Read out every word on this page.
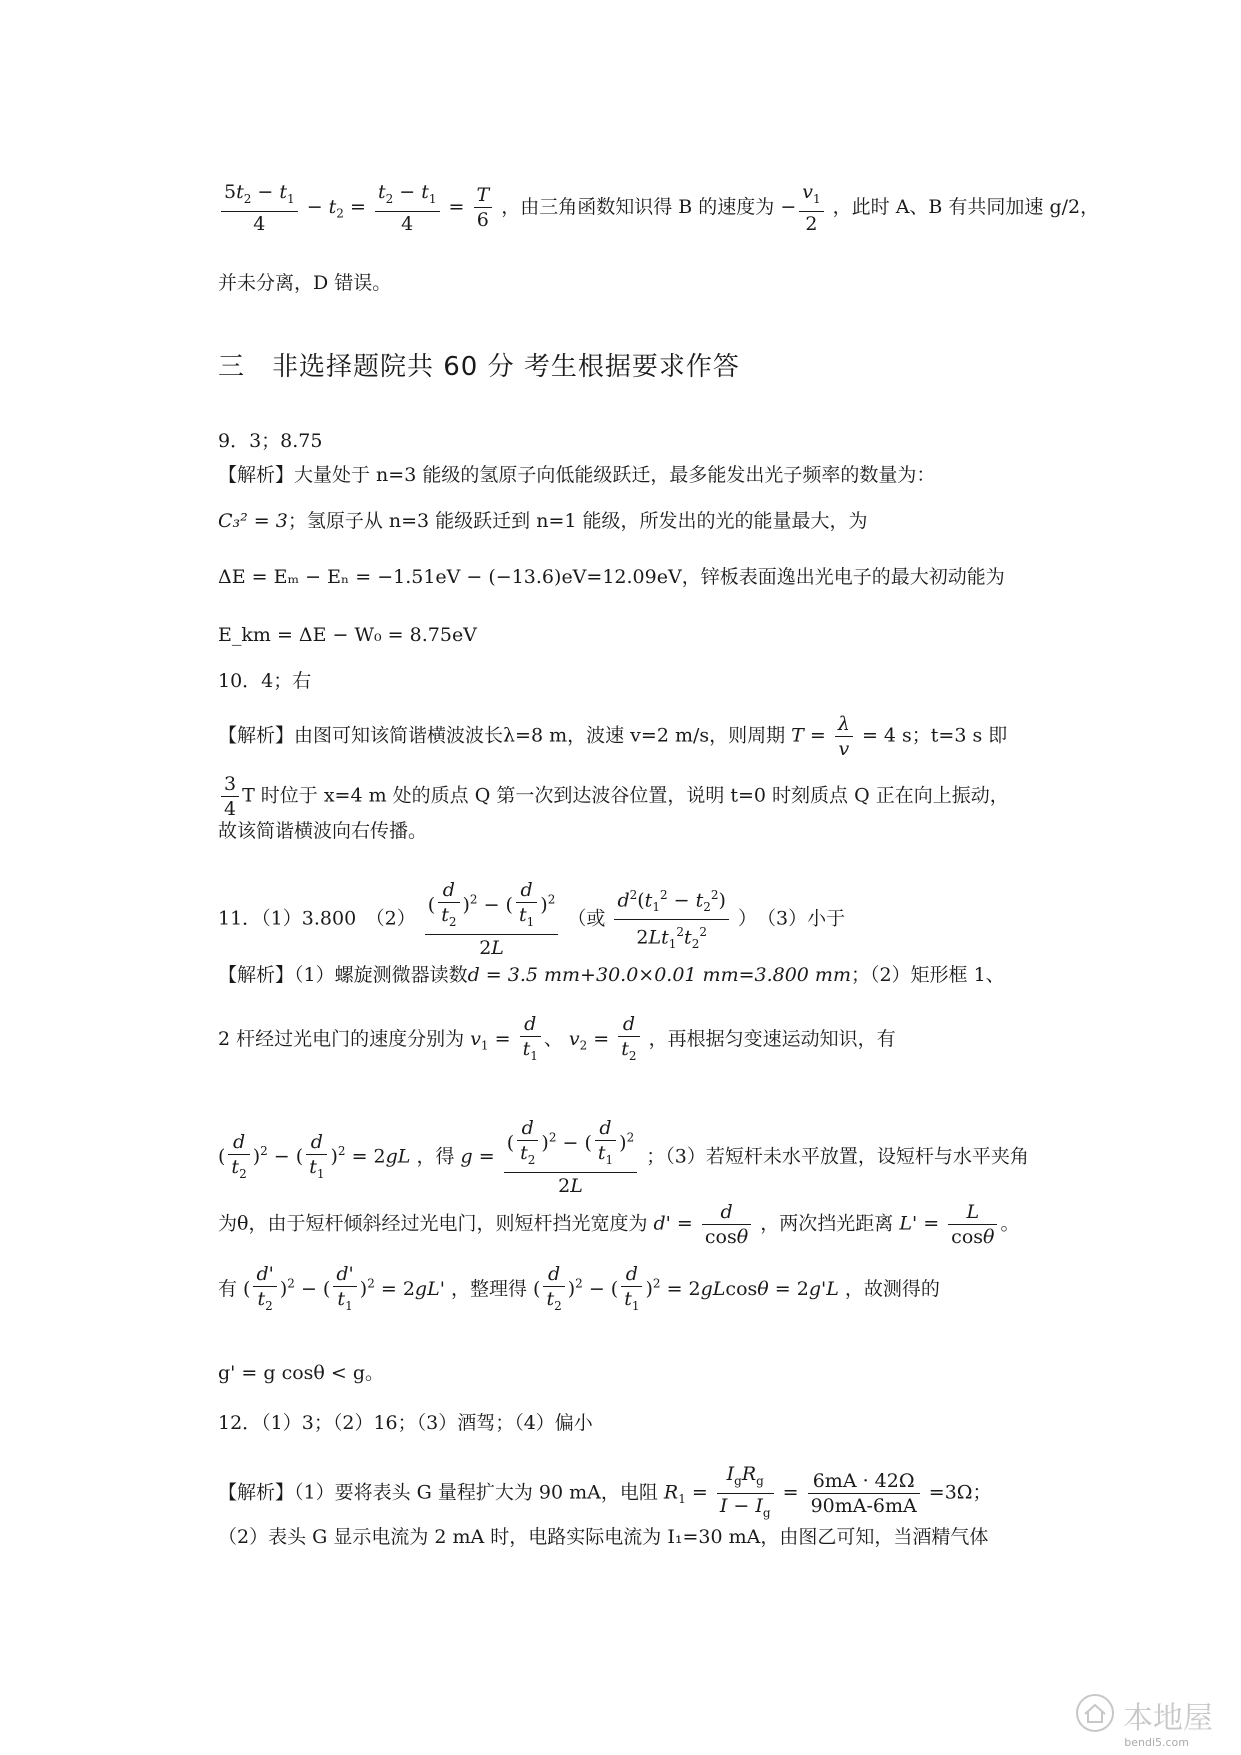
$\frac{5t_2 - t_1}{4} - t_2 = \frac{t_2 - t_1}{4} = \frac{T}{6}$ ，由三角函数知识得 B 的速度为 − $\frac{v_1}{2}$ ，此时 A、B 有共同加速 g/2，
并未分离，D 错误。
三　非选择题院共 60 分 考生根据要求作答
9．3；8.75
【解析】大量处于 n=3 能级的氢原子向低能级跃迁，最多能发出光子频率的数量为：
C₃² = 3；氢原子从 n=3 能级跃迁到 n=1 能级，所发出的光的能量最大，为
ΔE = Eₘ − Eₙ = −1.51eV − (−13.6)eV=12.09eV，锌板表面逸出光电子的最大初动能为
E_km = ΔE − W₀ = 8.75eV
10．4；右
【解析】由图可知该简谐横波波长λ=8 m，波速 v=2 m/s，则周期 $T = \frac{\lambda}{v} = 4$ s；t=3 s 即
$\frac{3}{4}$ T 时位于 x=4 m 处的质点 Q 第一次到达波谷位置，说明 t=0 时刻质点 Q 正在向上振动，
故该简谐横波向右传播。
11．（1）3.800　$(2) \frac{( \frac{d}{t_2} )^2 - ( \frac{d}{t_1} )^2}{2L}$ （或 $\frac{d^2(t_1^2 - t_2^2)}{2Lt_1^2t_2^2}$ ）　（3）小于
【解析】（1）螺旋测微器读数d = 3.5 mm+30.0×0.01 mm=3.800 mm；（2）矩形框 1、
2 杆经过光电门的速度分别为 $v_1 = \frac{d}{t_1}$ 、 $v_2 = \frac{d}{t_2}$ ，再根据匀变速运动知识，有
( $\frac{d}{t_2} )^2$ − ( $\frac{d}{t_1} )^2 = 2gL$ ，得 $g = \frac{( \frac{d}{t_2} )^2 - ( \frac{d}{t_1} )^2}{2L}$ ；（3）若短杆未水平放置，设短杆与水平夹角
为θ，由于短杆倾斜经过光电门，则短杆挡光宽度为 $d' = \frac{d}{\cos\theta}$ ，两次挡光距离 $L' = \frac{L}{\cos\theta}$ 。
有 ( $\frac{d'}{t_2} )^2$ − ( $\frac{d'}{t_1} )^2 = 2gL'$ ，整理得 ( $\frac{d}{t_2} )^2$ − ( $\frac{d}{t_1} )^2 = 2gLcos\theta = 2g'L$ ，故测得的
g' = g cosθ < g。
12．（1）3；（2）16；（3）酒驾；（4）偏小
【解析】（1）要将表头 G 量程扩大为 90 mA，电阻 $R_1 = \frac{I_gR_g}{I - I_g} = \frac{6mA \cdot 42\Omega}{90mA-6mA} =3\Omega$；
（2）表头 G 显示电流为 2 mA 时，电路实际电流为 I₁=30 mA，由图乙可知，当酒精气体
本地屋
bendi5.com
